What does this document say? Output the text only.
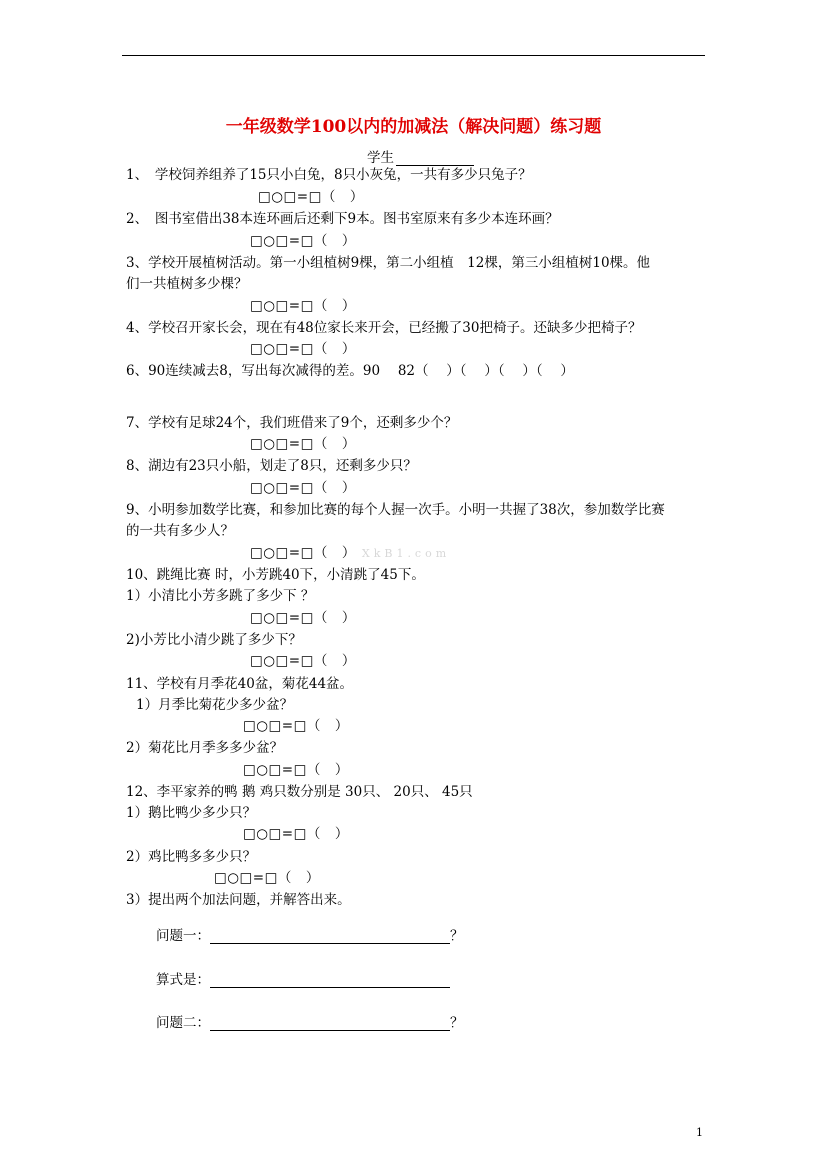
一年级数学100以内的加减法（解决问题）练习题
学生
1、　学校饲养组养了15只小白兔，8只小灰兔，一共有多少只兔子？
□○□=□（　）
2、　图书室借出38本连环画后还剩下9本。图书室原来有多少本连环画？
□○□=□（　）
3、学校开展植树活动。第一小组植树9棵，第二小组植　12棵，第三小组植树10棵。他
们一共植树多少棵？
□○□=□（　）
4、学校召开家长会，现在有48位家长来开会，已经搬了30把椅子。还缺多少把椅子？
□○□=□（　）
6、90连续减去8，写出每次减得的差。90　 82（　 ）（　 ）（　 ）（　 ）
7、学校有足球24个，我们班借来了9个，还剩多少个？
□○□=□（　）
8、湖边有23只小船，划走了8只，还剩多少只？
□○□=□（　）
9、小明参加数学比赛，和参加比赛的每个人握一次手。小明一共握了38次，参加数学比赛
的一共有多少人？
□○□=□（　） XkB1.com
10、跳绳比赛 时，小芳跳40下，小清跳了45下。
1）小清比小芳多跳了多少下 ？
□○□=□（　）
2)小芳比小清少跳了多少下？
□○□=□（　）
11、学校有月季花40盆，菊花44盆。
1）月季比菊花少多少盆？
□○□=□（　）
2）菊花比月季多多少盆？
□○□=□（　）
12、李平家养的鸭 鹅 鸡只数分别是 30只、 20只、 45只
1）鹅比鸭少多少只？
□○□=□（　）
2）鸡比鸭多多少只？
□○□=□（　）
3）提出两个加法问题，并解答出来。
问题一：	？
算式是：
问题二：	？
1
